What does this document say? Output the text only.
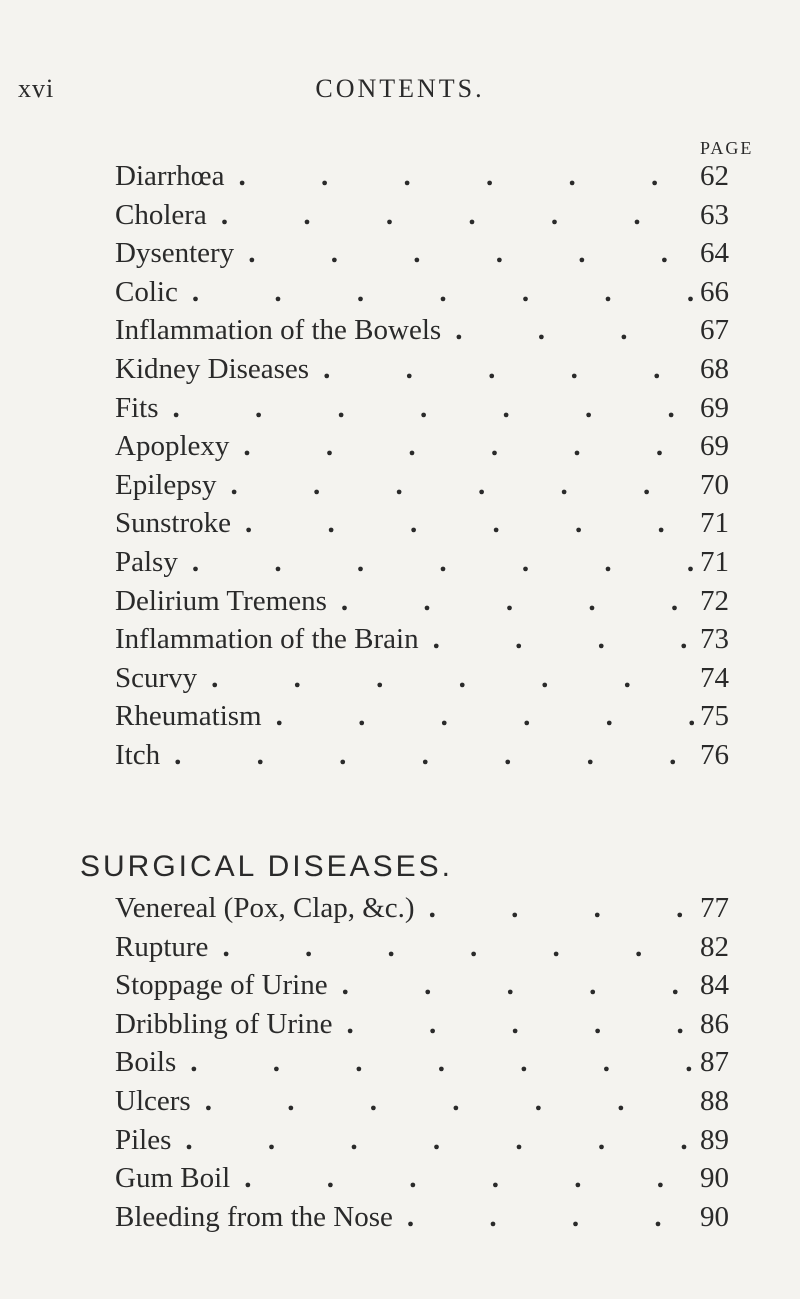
xvi	CONTENTS.
PAGE
Diarrhœa . . .	62
Cholera . . .	63
Dysentery . . .	64
Colic . . .	66
Inflammation of the Bowels . . .	67
Kidney Diseases . . .	68
Fits . . .	69
Apoplexy . . .	69
Epilepsy . . .	70
Sunstroke . . .	71
Palsy . . .	71
Delirium Tremens . . .	72
Inflammation of the Brain . . .	73
Scurvy . . .	74
Rheumatism . . .	75
Itch . . .	76
SURGICAL DISEASES.
Venereal (Pox, Clap, &c.) . . .	77
Rupture . . .	82
Stoppage of Urine . . .	84
Dribbling of Urine . . .	86
Boils . . .	87
Ulcers . . .	88
Piles . . .	89
Gum Boil . . .	90
Bleeding from the Nose . . .	90
